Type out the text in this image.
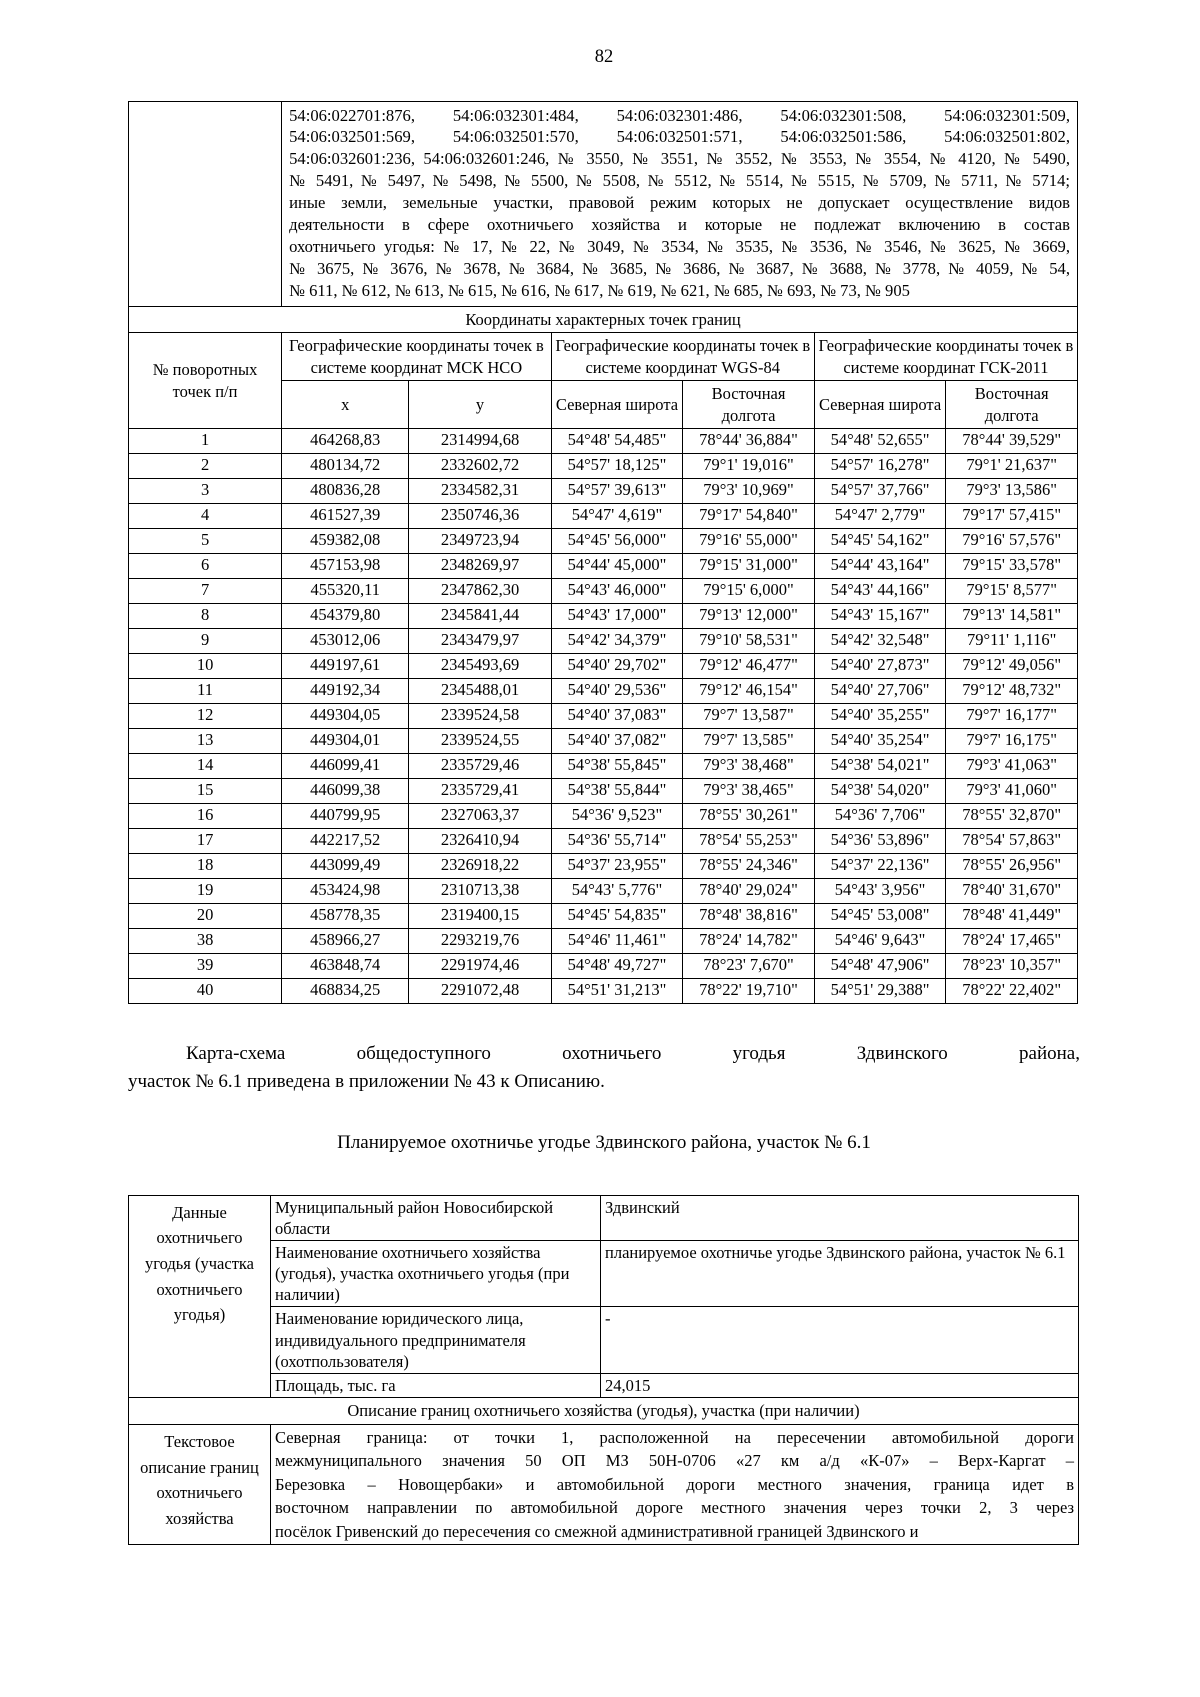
82

54:06:022701:876, 54:06:032301:484, 54:06:032301:486, 54:06:032301:508, 54:06:032301:509,
54:06:032501:569, 54:06:032501:570, 54:06:032501:571, 54:06:032501:586, 54:06:032501:802,
54:06:032601:236, 54:06:032601:246, № 3550, № 3551, № 3552, № 3553, № 3554, № 4120, № 5490,
№ 5491, № 5497, № 5498, № 5500, № 5508, № 5512, № 5514, № 5515, № 5709, № 5711, № 5714;
иные земли, земельные участки, правовой режим которых не допускает осуществление видов
деятельности в сфере охотничьего хозяйства и которые не подлежат включению в состав
охотничьего угодья: № 17, № 22, № 3049, № 3534, № 3535, № 3536, № 3546, № 3625, № 3669,
№ 3675, № 3676, № 3678, № 3684, № 3685, № 3686, № 3687, № 3688, № 3778, № 4059, № 54,
№ 611, № 612, № 613, № 615, № 616, № 617, № 619, № 621, № 685, № 693, № 73, № 905

Координаты характерных точек границ						
№ поворотных точек п/п	Географические координаты точек в системе координат МСК НСО		Географические координаты точек в системе координат WGS-84		Географические координаты точек в системе координат ГСК-2011	
	x	y	Северная широта	Восточная долгота	Северная широта	Восточная долгота
1	464268,83	2314994,68	54°48' 54,485"	78°44' 36,884"	54°48' 52,655"	78°44' 39,529"
2	480134,72	2332602,72	54°57' 18,125"	79°1' 19,016"	54°57' 16,278"	79°1' 21,637"
3	480836,28	2334582,31	54°57' 39,613"	79°3' 10,969"	54°57' 37,766"	79°3' 13,586"
4	461527,39	2350746,36	54°47' 4,619"	79°17' 54,840"	54°47' 2,779"	79°17' 57,415"
5	459382,08	2349723,94	54°45' 56,000"	79°16' 55,000"	54°45' 54,162"	79°16' 57,576"
6	457153,98	2348269,97	54°44' 45,000"	79°15' 31,000"	54°44' 43,164"	79°15' 33,578"
7	455320,11	2347862,30	54°43' 46,000"	79°15' 6,000"	54°43' 44,166"	79°15' 8,577"
8	454379,80	2345841,44	54°43' 17,000"	79°13' 12,000"	54°43' 15,167"	79°13' 14,581"
9	453012,06	2343479,97	54°42' 34,379"	79°10' 58,531"	54°42' 32,548"	79°11' 1,116"
10	449197,61	2345493,69	54°40' 29,702"	79°12' 46,477"	54°40' 27,873"	79°12' 49,056"
11	449192,34	2345488,01	54°40' 29,536"	79°12' 46,154"	54°40' 27,706"	79°12' 48,732"
12	449304,05	2339524,58	54°40' 37,083"	79°7' 13,587"	54°40' 35,255"	79°7' 16,177"
13	449304,01	2339524,55	54°40' 37,082"	79°7' 13,585"	54°40' 35,254"	79°7' 16,175"
14	446099,41	2335729,46	54°38' 55,845"	79°3' 38,468"	54°38' 54,021"	79°3' 41,063"
15	446099,38	2335729,41	54°38' 55,844"	79°3' 38,465"	54°38' 54,020"	79°3' 41,060"
16	440799,95	2327063,37	54°36' 9,523"	78°55' 30,261"	54°36' 7,706"	78°55' 32,870"
17	442217,52	2326410,94	54°36' 55,714"	78°54' 55,253"	54°36' 53,896"	78°54' 57,863"
18	443099,49	2326918,22	54°37' 23,955"	78°55' 24,346"	54°37' 22,136"	78°55' 26,956"
19	453424,98	2310713,38	54°43' 5,776"	78°40' 29,024"	54°43' 3,956"	78°40' 31,670"
20	458778,35	2319400,15	54°45' 54,835"	78°48' 38,816"	54°45' 53,008"	78°48' 41,449"
38	458966,27	2293219,76	54°46' 11,461"	78°24' 14,782"	54°46' 9,643"	78°24' 17,465"
39	463848,74	2291974,46	54°48' 49,727"	78°23' 7,670"	54°48' 47,906"	78°23' 10,357"
40	468834,25	2291072,48	54°51' 31,213"	78°22' 19,710"	54°51' 29,388"	78°22' 22,402"

Карта-схема общедоступного охотничьего угодья Здвинского района,
участок № 6.1 приведена в приложении № 43 к Описанию.

Планируемое охотничье угодье Здвинского района, участок № 6.1

Данные охотничьего угодья (участка охотничьего угодья)	Муниципальный район Новосибирской области	Здвинский
	Наименование охотничьего хозяйства (угодья), участка охотничьего угодья (при наличии)	планируемое охотничье угодье Здвинского района, участок № 6.1
	Наименование юридического лица, индивидуального предпринимателя (охотпользователя)	-
	Площадь, тыс. га	24,015
Описание границ охотничьего хозяйства (угодья), участка (при наличии)		
Текстовое описание границ охотничьего хозяйства	Северная граница: от точки 1, расположенной на пересечении автомобильной дороги
межмуниципального значения 50 ОП МЗ 50Н-0706 «27 км а/д «К-07» – Верх-Каргат –
Березовка – Новощербаки» и автомобильной дороги местного значения, граница идет в
восточном направлении по автомобильной дороге местного значения через точки 2, 3 через
посёлок Гривенский до пересечения со смежной административной границей Здвинского и	
